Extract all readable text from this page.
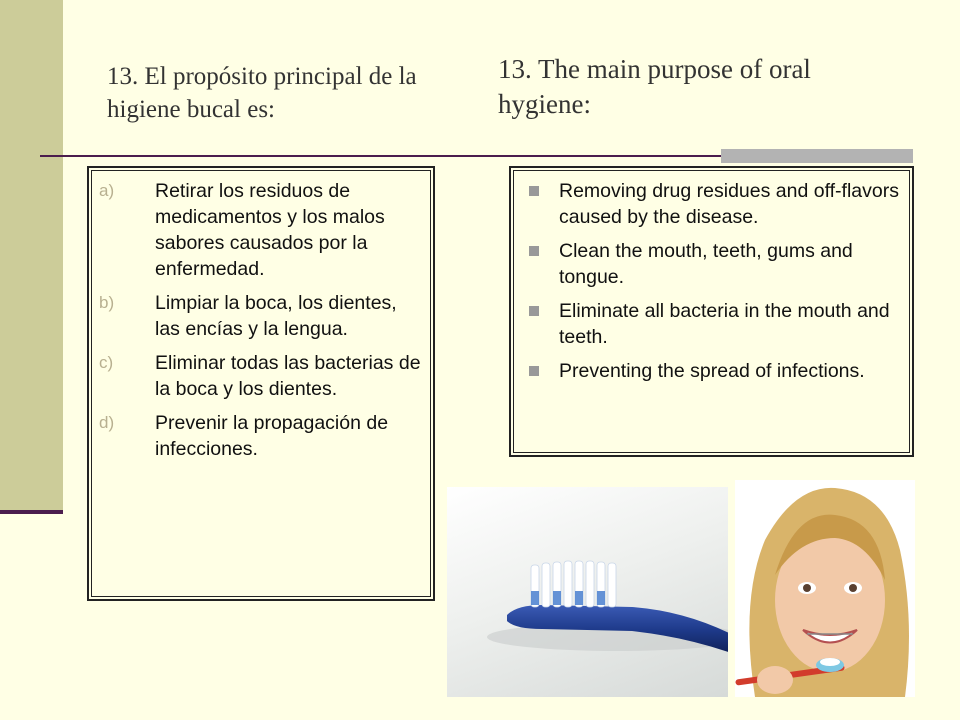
13. El propósito principal de la higiene bucal es:
13. The main purpose of oral hygiene:
a) Retirar los residuos de medicamentos y los malos sabores causados por la enfermedad.
b) Limpiar la boca, los dientes, las encías y la lengua.
c) Eliminar todas las bacterias de la boca y los dientes.
d) Prevenir la propagación de infecciones.
Removing drug residues and off-flavors caused by the disease.
Clean the mouth, teeth, gums and tongue.
Eliminate all bacteria in the mouth and teeth.
Preventing the spread of infections.
